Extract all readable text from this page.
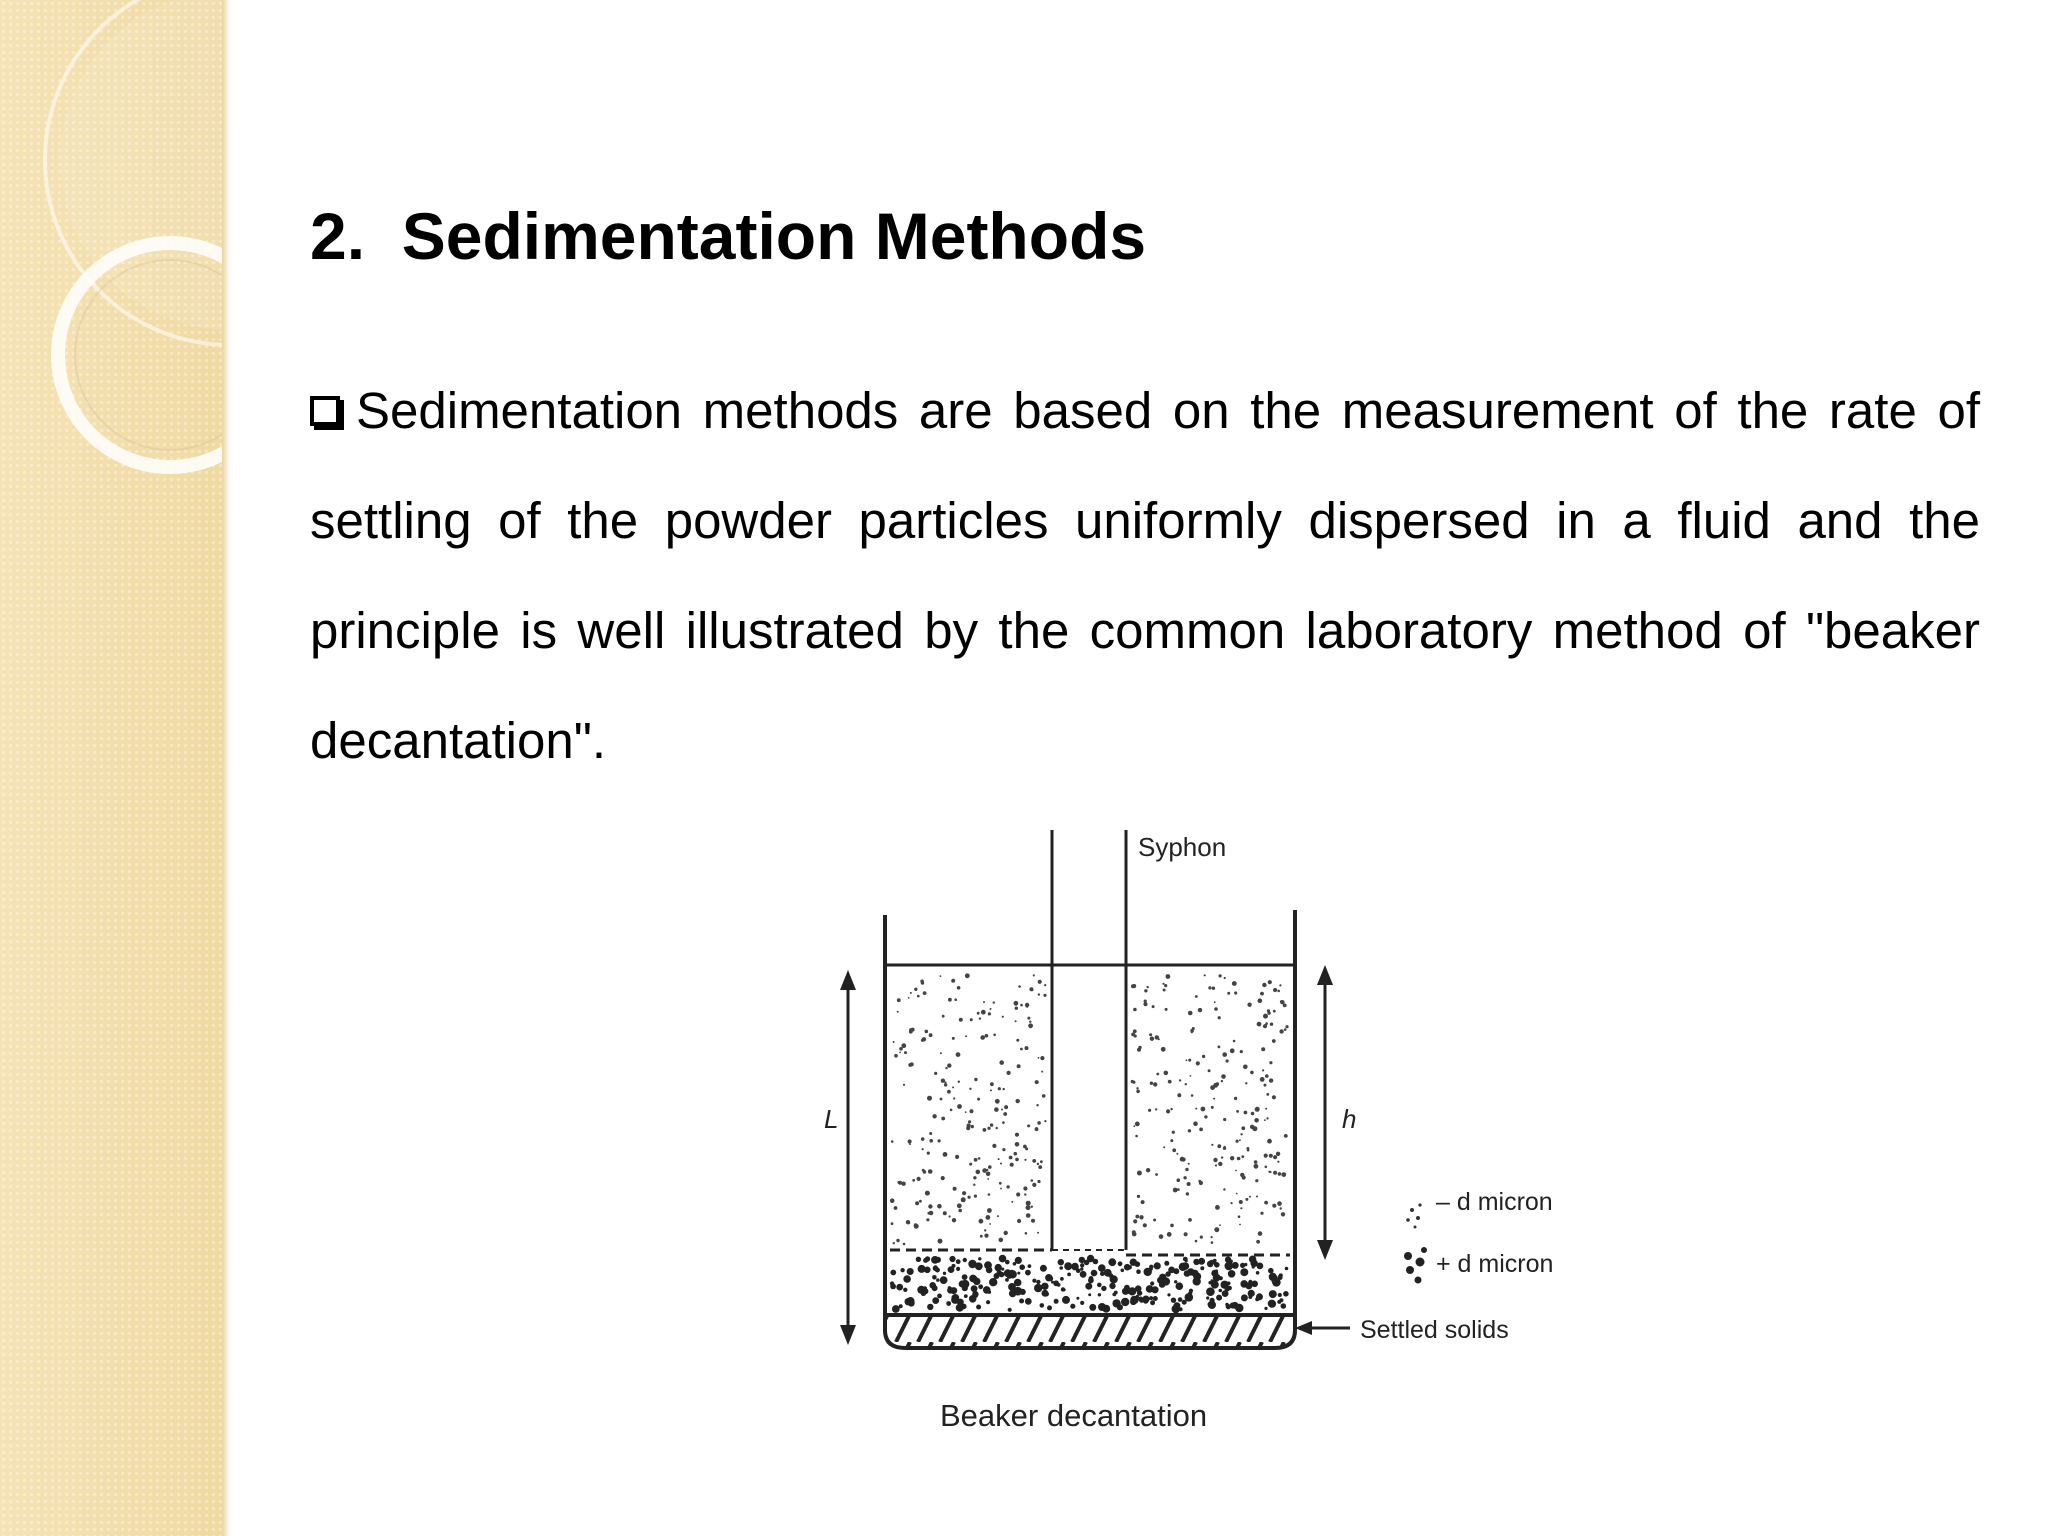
2.  Sedimentation Methods

Sedimentation methods are based on the measurement of the rate of settling of the powder particles uniformly dispersed in a fluid and the principle is well illustrated by the common laboratory method of "beaker decantation".

Syphon
L	h
– d micron
+ d micron
Settled solids
Beaker decantation
